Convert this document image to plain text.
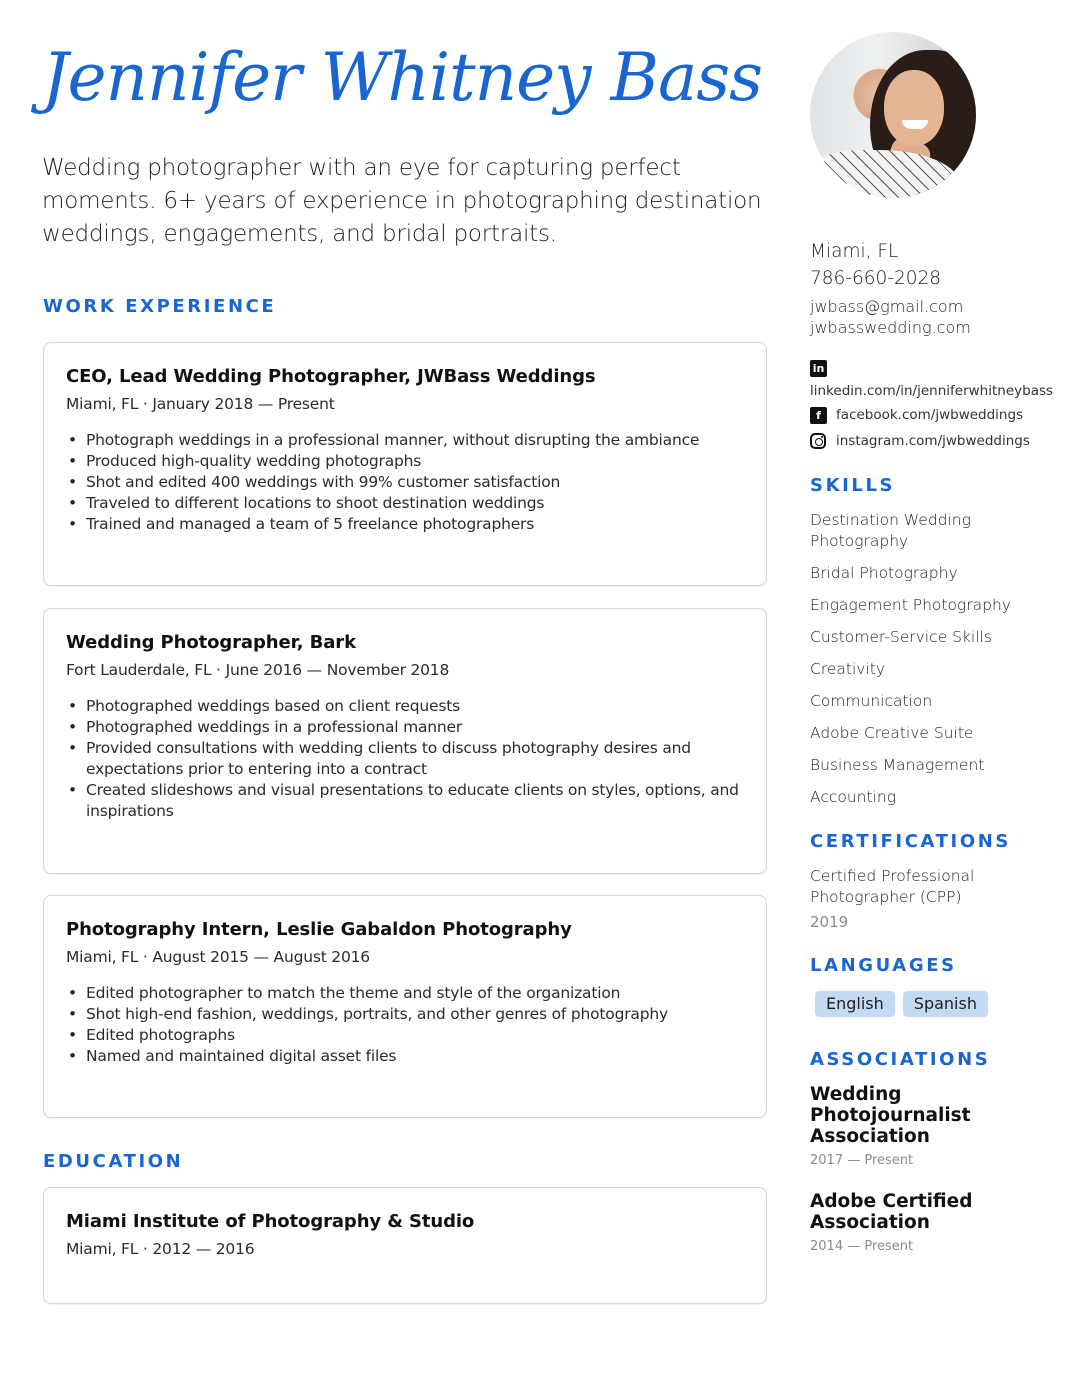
Jennifer Whitney Bass
Wedding photographer with an eye for capturing perfect moments. 6+ years of experience in photographing destination weddings, engagements, and bridal portraits.
WORK EXPERIENCE
CEO, Lead Wedding Photographer, JWBass Weddings
Miami, FL · January 2018 — Present
• Photograph weddings in a professional manner, without disrupting the ambiance
• Produced high-quality wedding photographs
• Shot and edited 400 weddings with 99% customer satisfaction
• Traveled to different locations to shoot destination weddings
• Trained and managed a team of 5 freelance photographers
Wedding Photographer, Bark
Fort Lauderdale, FL · June 2016 — November 2018
• Photographed weddings based on client requests
• Photographed weddings in a professional manner
• Provided consultations with wedding clients to discuss photography desires and expectations prior to entering into a contract
• Created slideshows and visual presentations to educate clients on styles, options, and inspirations
Photography Intern, Leslie Gabaldon Photography
Miami, FL · August 2015 — August 2016
• Edited photographer to match the theme and style of the organization
• Shot high-end fashion, weddings, portraits, and other genres of photography
• Edited photographs
• Named and maintained digital asset files
EDUCATION
Miami Institute of Photography & Studio
Miami, FL · 2012 — 2016
Miami, FL
786-660-2028
jwbass@gmail.com
jwbasswedding.com
in
linkedin.com/in/jenniferwhitneybass
f	facebook.com/jwbweddings
instagram.com/jwbweddings
SKILLS
Destination Wedding Photography
Bridal Photography
Engagement Photography
Customer-Service Skills
Creativity
Communication
Adobe Creative Suite
Business Management
Accounting
CERTIFICATIONS
Certified Professional Photographer (CPP)
2019
LANGUAGES
English Spanish
ASSOCIATIONS
Wedding Photojournalist Association
2017 — Present
Adobe Certified Association
2014 — Present
